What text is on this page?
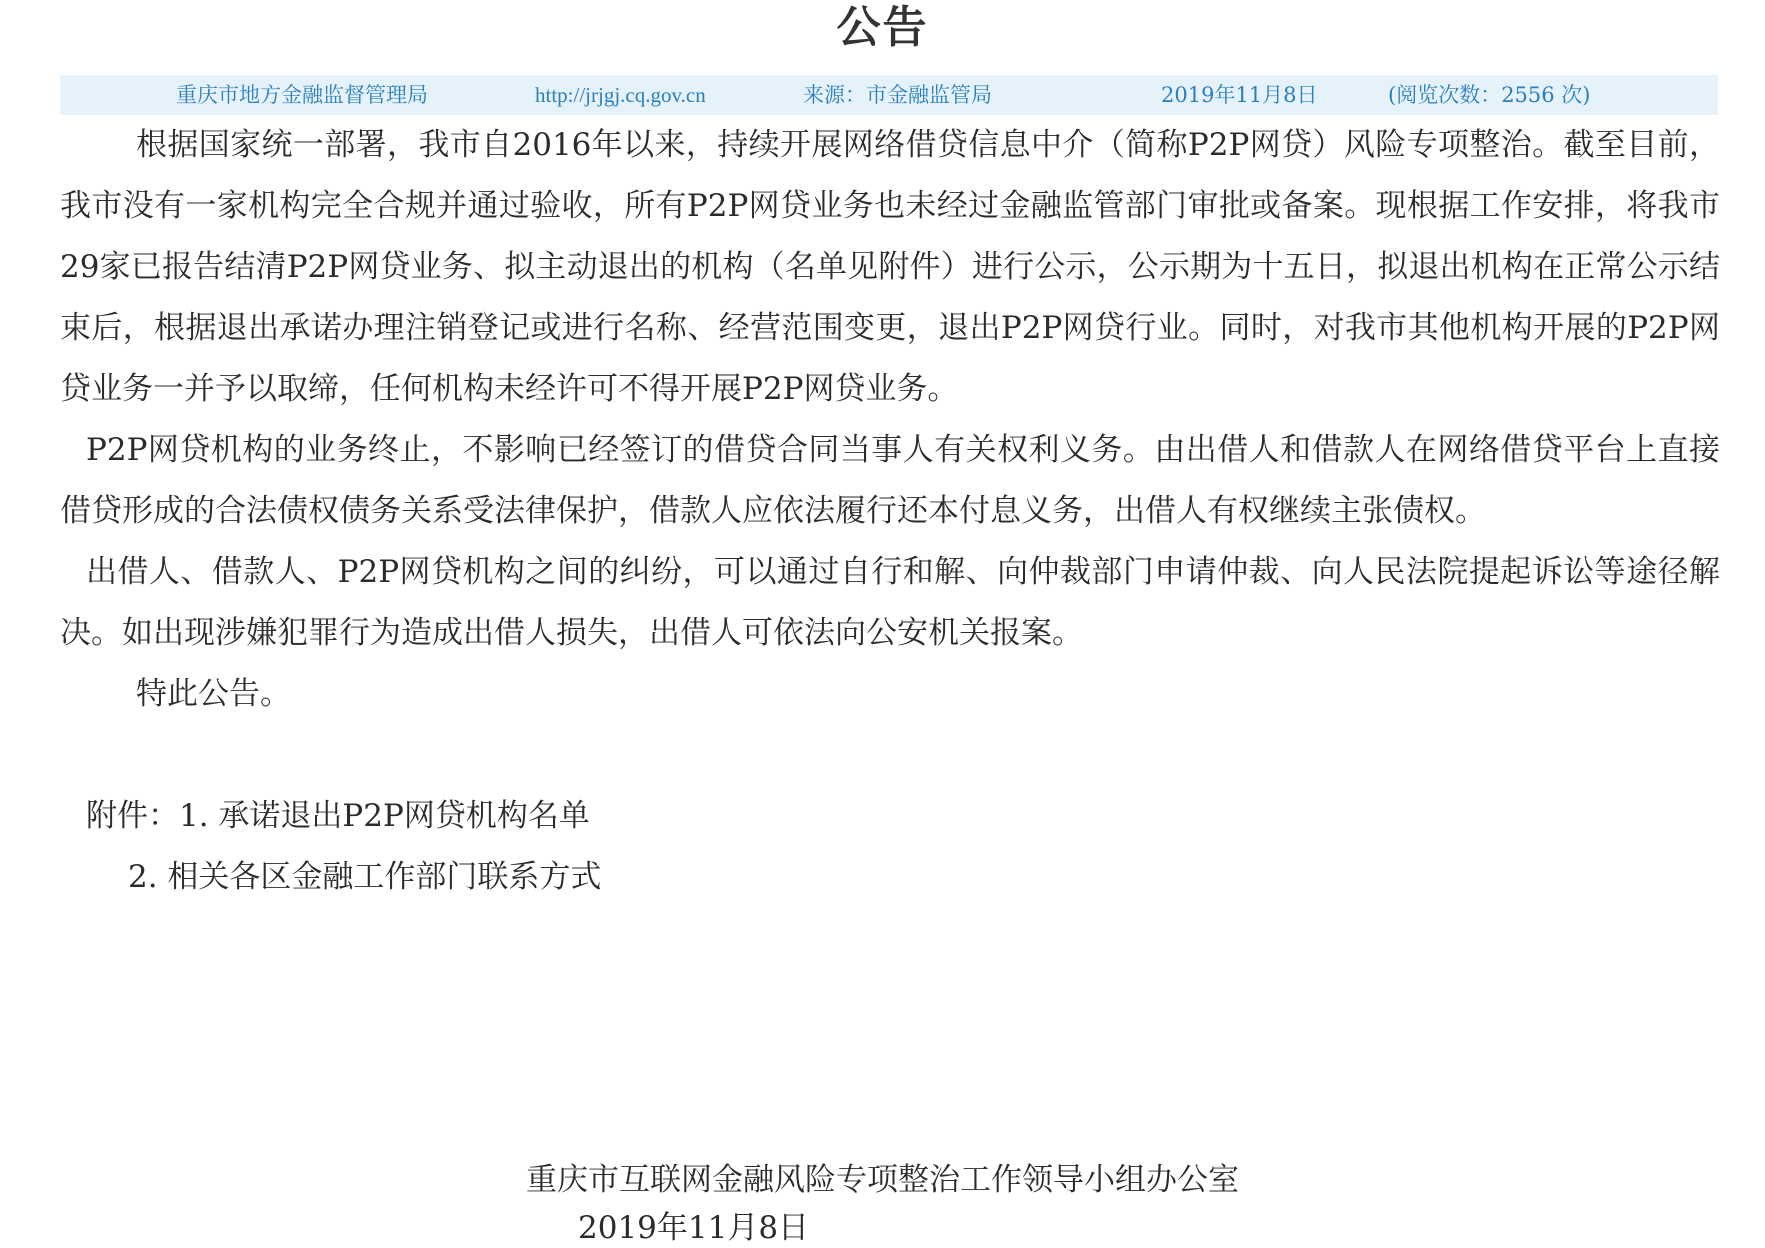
公告
重庆市地方金融监督管理局	http://jrjgj.cq.gov.cn	来源：市金融监管局	2019年11月8日	(阅览次数：2556 次)

根据国家统一部署，我市自2016年以来，持续开展网络借贷信息中介（简称P2P网贷）风险专项整治。截至目前，我市没有一家机构完全合规并通过验收，所有P2P网贷业务也未经过金融监管部门审批或备案。现根据工作安排，将我市29家已报告结清P2P网贷业务、拟主动退出的机构（名单见附件）进行公示，公示期为十五日，拟退出机构在正常公示结束后，根据退出承诺办理注销登记或进行名称、经营范围变更，退出P2P网贷行业。同时，对我市其他机构开展的P2P网贷业务一并予以取缔，任何机构未经许可不得开展P2P网贷业务。

P2P网贷机构的业务终止，不影响已经签订的借贷合同当事人有关权利义务。由出借人和借款人在网络借贷平台上直接借贷形成的合法债权债务关系受法律保护，借款人应依法履行还本付息义务，出借人有权继续主张债权。

出借人、借款人、P2P网贷机构之间的纠纷，可以通过自行和解、向仲裁部门申请仲裁、向人民法院提起诉讼等途径解决。如出现涉嫌犯罪行为造成出借人损失，出借人可依法向公安机关报案。

特此公告。

附件：1. 承诺退出P2P网贷机构名单

2. 相关各区金融工作部门联系方式

重庆市互联网金融风险专项整治工作领导小组办公室
2019年11月8日
